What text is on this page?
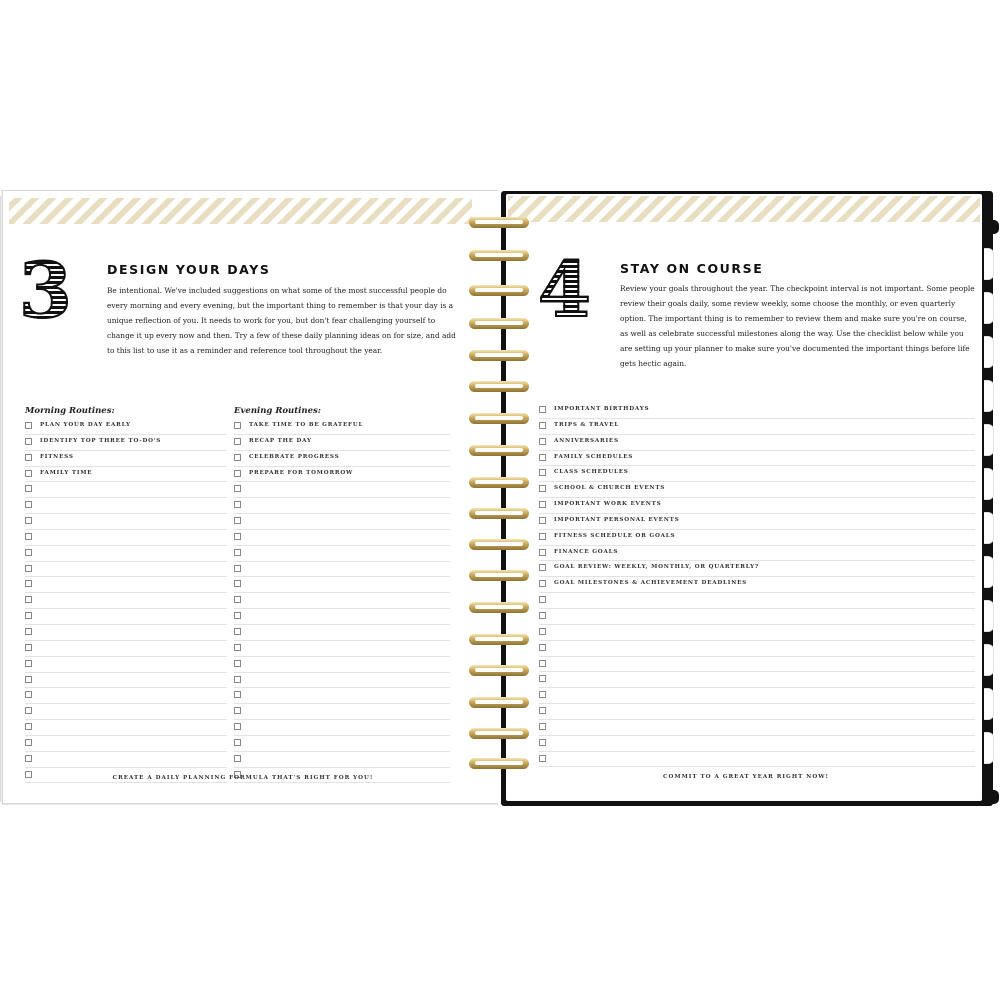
3	DESIGN YOUR DAYS
Be intentional. We've included suggestions on what some of the most successful people do every morning and every evening, but the important thing to remember is that your day is a unique reflection of you. It needs to work for you, but don't fear challenging yourself to change it up every now and then. Try a few of these daily planning ideas on for size, and add to this list to use it as a reminder and reference tool throughout the year.
Morning Routines:	Evening Routines:
PLAN YOUR DAY EARLY
IDENTIFY TOP THREE TO-DO'S
FITNESS
FAMILY TIME
TAKE TIME TO BE GRATEFUL
RECAP THE DAY
CELEBRATE PROGRESS
PREPARE FOR TOMORROW
CREATE A DAILY PLANNING FORMULA THAT'S RIGHT FOR YOU!
4 STAY ON COURSE
Review your goals throughout the year. The checkpoint interval is not important. Some people review their goals daily, some review weekly, some choose the monthly, or even quarterly option. The important thing is to remember to review them and make sure you're on course, as well as celebrate successful milestones along the way. Use the checklist below while you are setting up your planner to make sure you've documented the important things before life gets hectic again.
IMPORTANT BIRTHDAYS
TRIPS & TRAVEL
ANNIVERSARIES
FAMILY SCHEDULES
CLASS SCHEDULES
SCHOOL & CHURCH EVENTS
IMPORTANT WORK EVENTS
IMPORTANT PERSONAL EVENTS
FITNESS SCHEDULE OR GOALS
FINANCE GOALS
GOAL REVIEW: WEEKLY, MONTHLY, OR QUARTERLY?
GOAL MILESTONES & ACHIEVEMENT DEADLINES
COMMIT TO A GREAT YEAR RIGHT NOW!
